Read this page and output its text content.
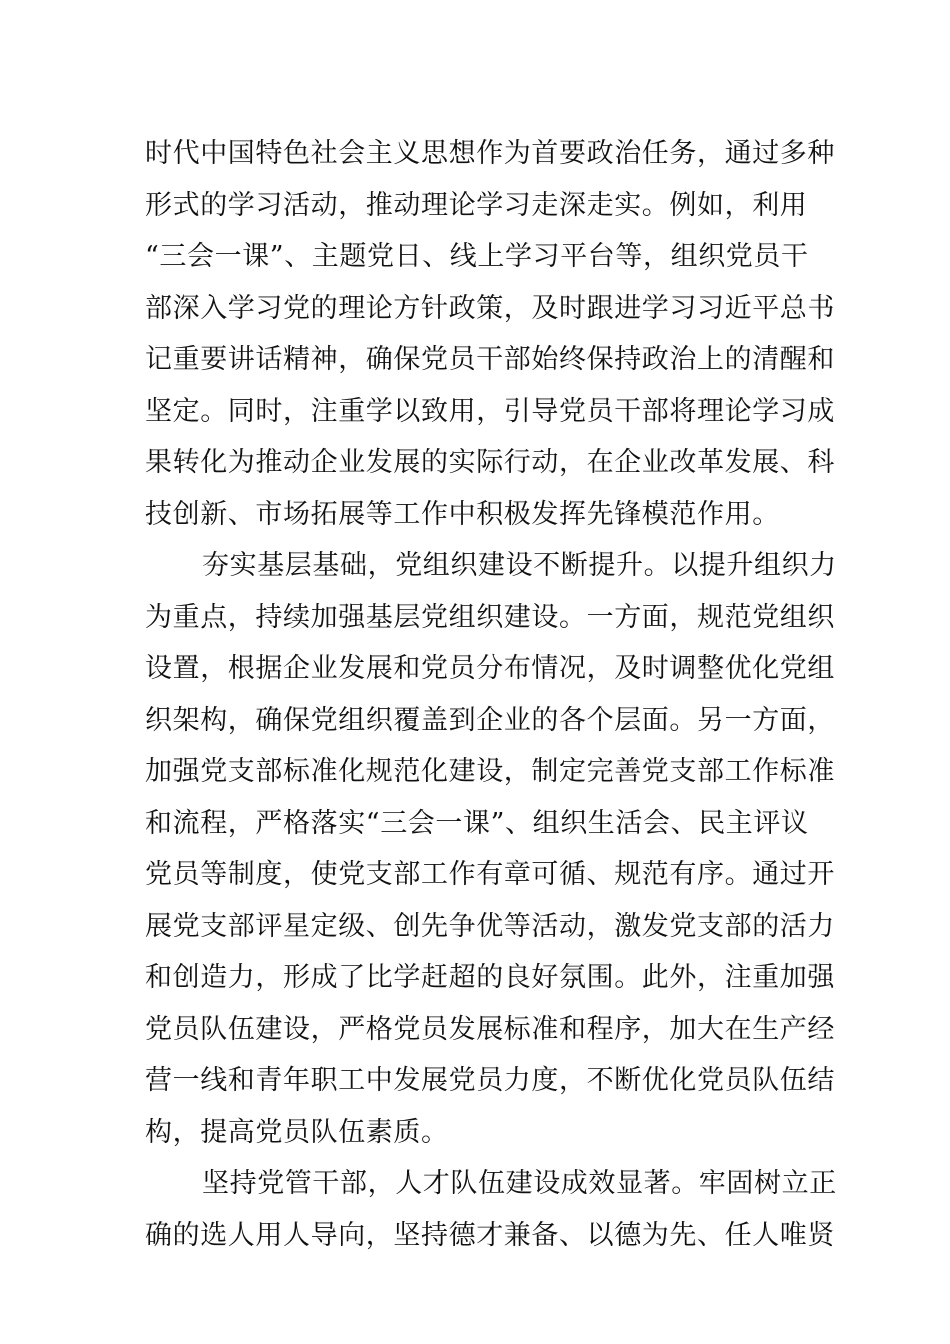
时代中国特色社会主义思想作为首要政治任务，通过多种
形式的学习活动，推动理论学习走深走实。例如，利用
“三会一课”、主题党日、线上学习平台等，组织党员干
部深入学习党的理论方针政策，及时跟进学习习近平总书
记重要讲话精神，确保党员干部始终保持政治上的清醒和
坚定。同时，注重学以致用，引导党员干部将理论学习成
果转化为推动企业发展的实际行动，在企业改革发展、科
技创新、市场拓展等工作中积极发挥先锋模范作用。
夯实基层基础，党组织建设不断提升。以提升组织力
为重点，持续加强基层党组织建设。一方面，规范党组织
设置，根据企业发展和党员分布情况，及时调整优化党组
织架构，确保党组织覆盖到企业的各个层面。另一方面，
加强党支部标准化规范化建设，制定完善党支部工作标准
和流程，严格落实“三会一课”、组织生活会、民主评议
党员等制度，使党支部工作有章可循、规范有序。通过开
展党支部评星定级、创先争优等活动，激发党支部的活力
和创造力，形成了比学赶超的良好氛围。此外，注重加强
党员队伍建设，严格党员发展标准和程序，加大在生产经
营一线和青年职工中发展党员力度，不断优化党员队伍结
构，提高党员队伍素质。
坚持党管干部，人才队伍建设成效显著。牢固树立正
确的选人用人导向，坚持德才兼备、以德为先、任人唯贤
